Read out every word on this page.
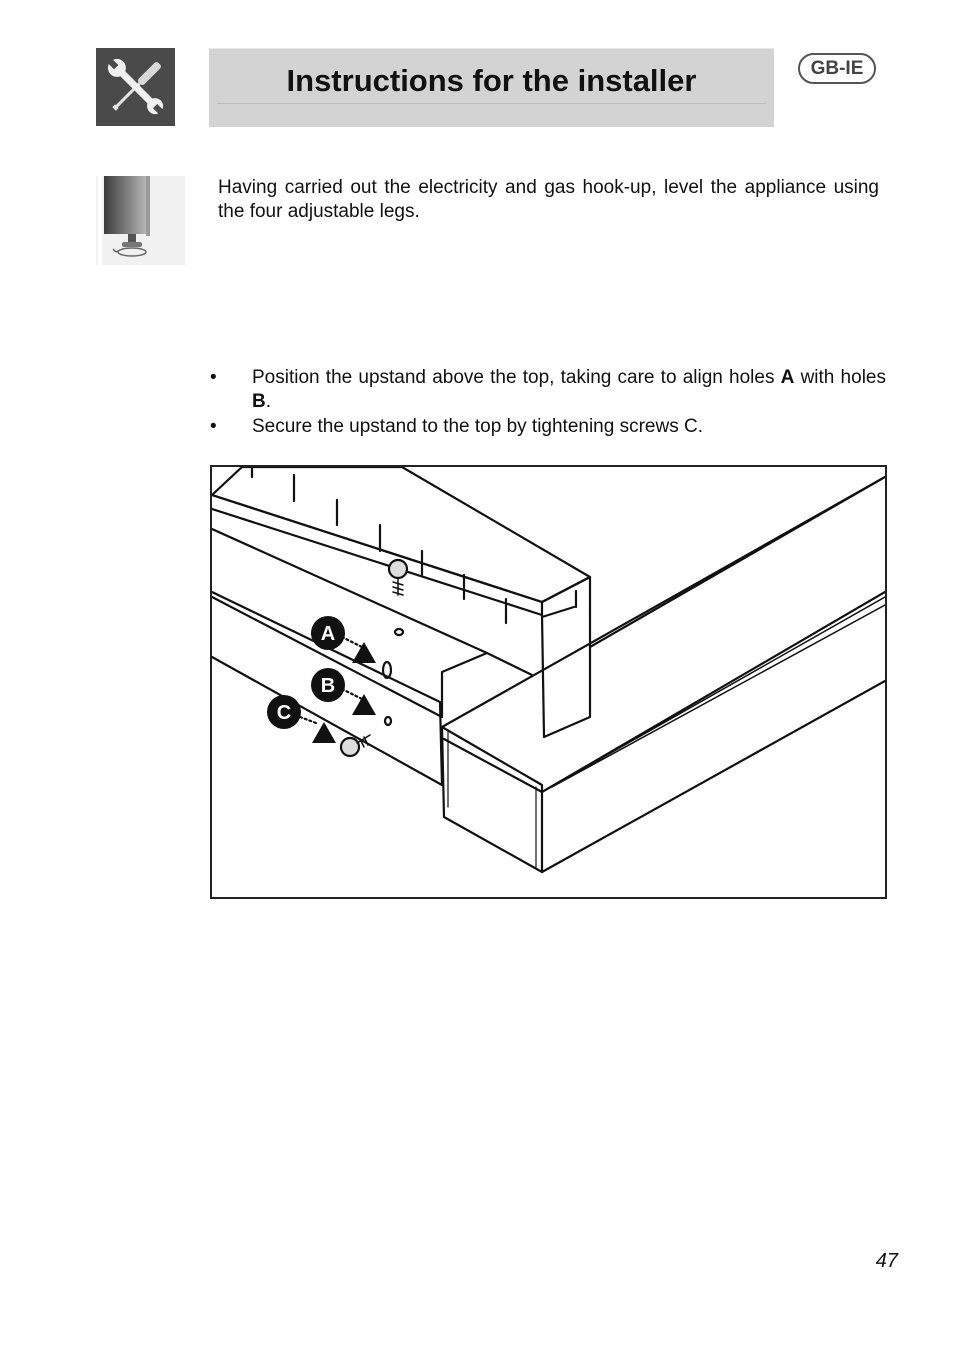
Instructions for the installer	GB-IE

Having carried out the electricity and gas hook-up, level the appliance using the four adjustable legs.

• Position the upstand above the top, taking care to align holes A with holes B.
• Secure the upstand to the top by tightening screws C.
A
B
C
47
